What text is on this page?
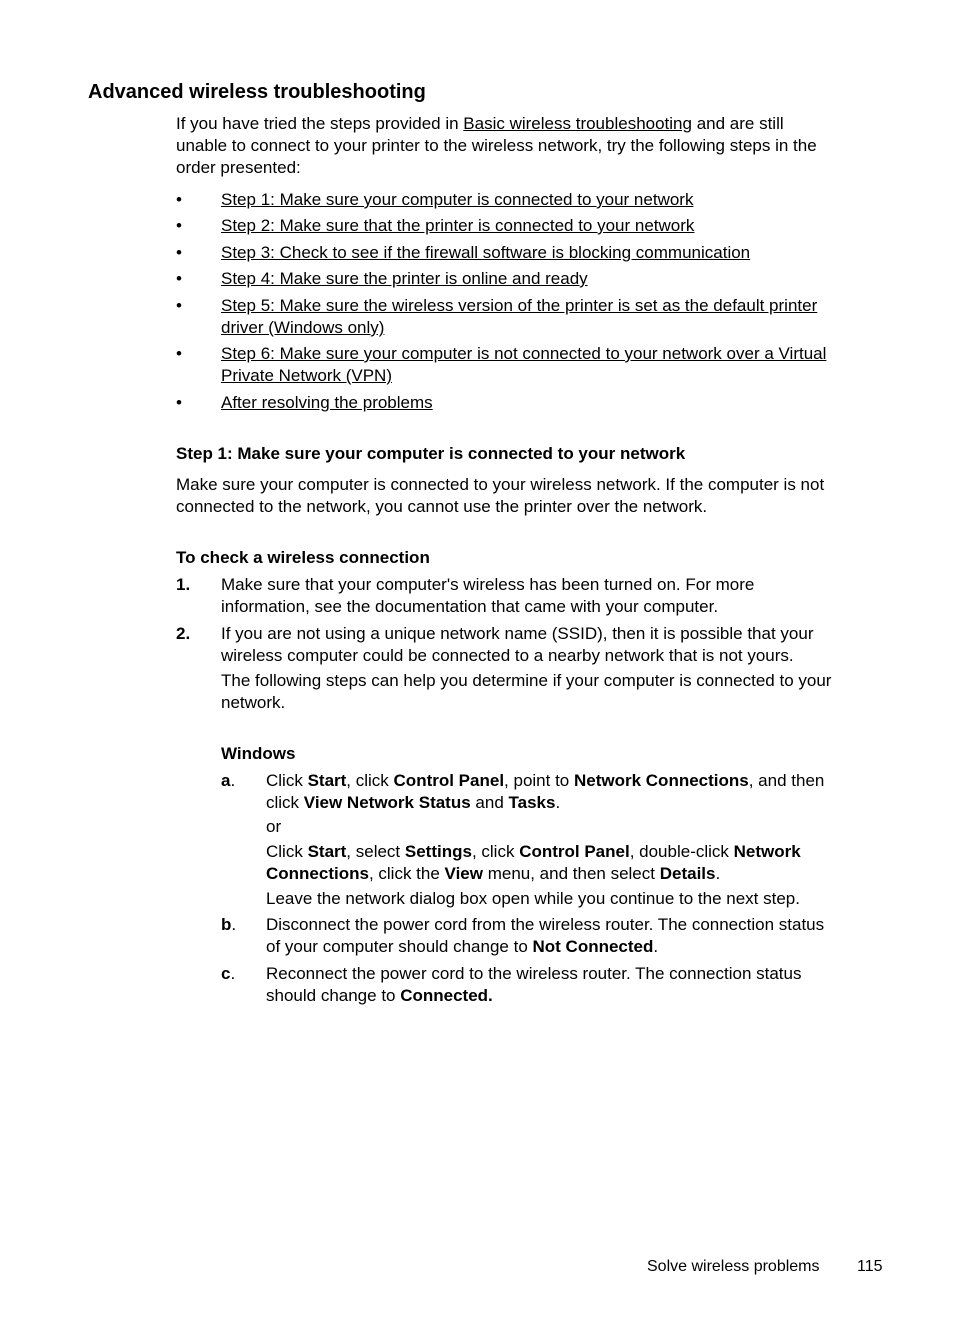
Advanced wireless troubleshooting
If you have tried the steps provided in Basic wireless troubleshooting and are still
unable to connect to your printer to the wireless network, try the following steps in the
order presented:
•	Step 1: Make sure your computer is connected to your network
•	Step 2: Make sure that the printer is connected to your network
•	Step 3: Check to see if the firewall software is blocking communication
•	Step 4: Make sure the printer is online and ready
•	Step 5: Make sure the wireless version of the printer is set as the default printer
driver (Windows only)
•	Step 6: Make sure your computer is not connected to your network over a Virtual
Private Network (VPN)
•	After resolving the problems
Step 1: Make sure your computer is connected to your network
Make sure your computer is connected to your wireless network. If the computer is not
connected to the network, you cannot use the printer over the network.
To check a wireless connection
1. Make sure that your computer's wireless has been turned on. For more
information, see the documentation that came with your computer.
2. If you are not using a unique network name (SSID), then it is possible that your
wireless computer could be connected to a nearby network that is not yours.
The following steps can help you determine if your computer is connected to your
network.
Windows
a. Click Start, click Control Panel, point to Network Connections, and then
click View Network Status and Tasks.
or
Click Start, select Settings, click Control Panel, double-click Network
Connections, click the View menu, and then select Details.
Leave the network dialog box open while you continue to the next step.
b. Disconnect the power cord from the wireless router. The connection status
of your computer should change to Not Connected.
c. Reconnect the power cord to the wireless router. The connection status
should change to Connected.
Solve wireless problems 115
